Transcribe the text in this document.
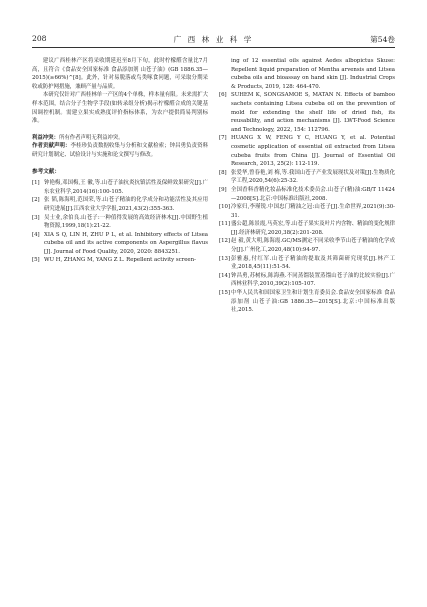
208	广 西 林 业 科 学	第54卷

建议广西桂林产区将采收期延迟至8月下旬，此时柠檬醛含量比7月高，且符合《食品安全国家标准 食品添加剂 山苍子油》(GB 1886.35—2015)(≥66%)^[8]。此外，针对易脱落或鸟类啄食问题，可采取分期采收或防护网措施，兼顾产量与品质。

本研究仅针对广西桂林单一产区的4个单株，样本量有限。未来需扩大样本范围，结合分子生物学手段(如转录组分析)揭示柠檬醛合成的关键基因调控机制。需建立果实成熟度评价指标体系，为农户提供简易判别标准。

利益冲突：所有作者声明无利益冲突。

作者贡献声明：李桂珍负责数据收集与分析和文献检索；钟昌勇负责资料研究计划制定、试验设计与实施和论文撰写与修改。

参考文献：
[1] 钟艳梅,邓国梅,王 徽,等.山苍子油抗炎抗镇活性及保鲜效果研究[J].广东农业科学,2014(16):100-105.
[2] 张 韬,陈海明,范国荣,等.山苍子精油的化学成分和功能活性及其应用研究进展[J].江西农业大学学报,2021,43(2):355-363.
[3] 吴士业,余伯良.山苍子:一种值得发展的高效经济林木[J].中国野生植物资源,1999,18(1):21-22.
[4] XIA S Q, LIN H, ZHU P L, et al. Inhibitory effects of Litsea cubeba oil and its active components on Aspergillus flavus [J]. Journal of Food Quality, 2020, 2020: 8843251.
[5] WU H, ZHANG M, YANG Z L. Repellent activity screen-
ing of 12 essential oils against Aedes albopictus Skuse: Repellent liquid preparation of Mentha arvensis and Litsea cubeba oils and bioassay on hand skin [J]. Industrial Crops & Products, 2019, 128: 464-470.
[6] SUHEM K, SONGSAMOE S, MATAN N. Effects of bamboo sachets containing Litsea cubeba oil on the prevention of mold for extending the shelf life of dried fish, its reusability, and action mechanisms [J]. LWT-Food Science and Technology, 2022, 154: 112796.
[7] HUANG X W, FENG Y C, HUANG Y, et al. Potential cosmetic application of essential oil extracted from Litsea cubeba fruits from China [J]. Journal of Essential Oil Research, 2013, 25(2): 112-119.
[8] 张爱华,曾春艳,刘 梅,等.我国山苍子产业发展现状及对策[J].生物质化学工程,2020,54(6):25-32.
[9] 全国香料香精化妆品标准化技术委员会.山苍子(精)油:GB/T 11424—2008[S].北京:中国标准出版社,2008.
[10] 冷家归,李瑾锐.中国忠门精油之冠:山苍子[J].生命世界,2021(9):30-31.
[11] 盛公超,陈景霞,马英宏,等.山苍子果实及叶片内含物、精油的变化规律[J].经济林研究,2020,38(2):201-208.
[12] 赵 毅,黄大明,陈海霞.GC/MS测定不同采收季节山苍子精油的化学成分[J].广州化工,2020,48(10):94-97.
[13] 彭雅惠,付红军.山苍子精油的提取及其筛菌研究现状[J].林产工业,2018,45(11):51-54.
[14] 钟昌勇,苏树标,陈海燕.不同蒸馏装置蒸馏山苍子油的比较实验[J].广西林业科学,2010,39(2):105-107.
[15] 中华人民共和国国家卫生和计划生育委员会.食品安全国家标准 食品添加剂 山苍子油:GB 1886.35—2015[S].北京:中国标准出版社,2015.
